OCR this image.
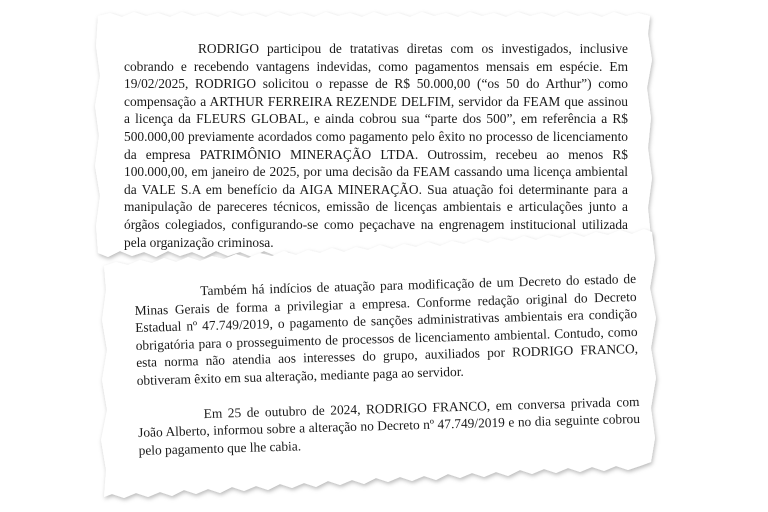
RODRIGO participou de tratativas diretas com os investigados, inclusive cobrando e recebendo vantagens indevidas, como pagamentos mensais em espécie. Em 19/02/2025, RODRIGO solicitou o repasse de R$ 50.000,00 (“os 50 do Arthur”) como compensação a ARTHUR FERREIRA REZENDE DELFIM, servidor da FEAM que assinou a licença da FLEURS GLOBAL, e ainda cobrou sua “parte dos 500”, em referência a R$ 500.000,00 previamente acordados como pagamento pelo êxito no processo de licenciamento da empresa PATRIMÔNIO MINERAÇÃO LTDA. Outrossim, recebeu ao menos R$ 100.000,00, em janeiro de 2025, por uma decisão da FEAM cassando uma licença ambiental da VALE S.A em benefício da AIGA MINERAÇÃO. Sua atuação foi determinante para a manipulação de pareceres técnicos, emissão de licenças ambientais e articulações junto a órgãos colegiados, configurando-se como peçachave na engrenagem institucional utilizada pela organização criminosa.

Também há indícios de atuação para modificação de um Decreto do estado de Minas Gerais de forma a privilegiar a empresa. Conforme redação original do Decreto Estadual nº 47.749/2019, o pagamento de sanções administrativas ambientais era condição obrigatória para o prosseguimento de processos de licenciamento ambiental. Contudo, como esta norma não atendia aos interesses do grupo, auxiliados por RODRIGO FRANCO, obtiveram êxito em sua alteração, mediante paga ao servidor.

Em 25 de outubro de 2024, RODRIGO FRANCO, em conversa privada com João Alberto, informou sobre a alteração no Decreto nº 47.749/2019 e no dia seguinte cobrou pelo pagamento que lhe cabia.
